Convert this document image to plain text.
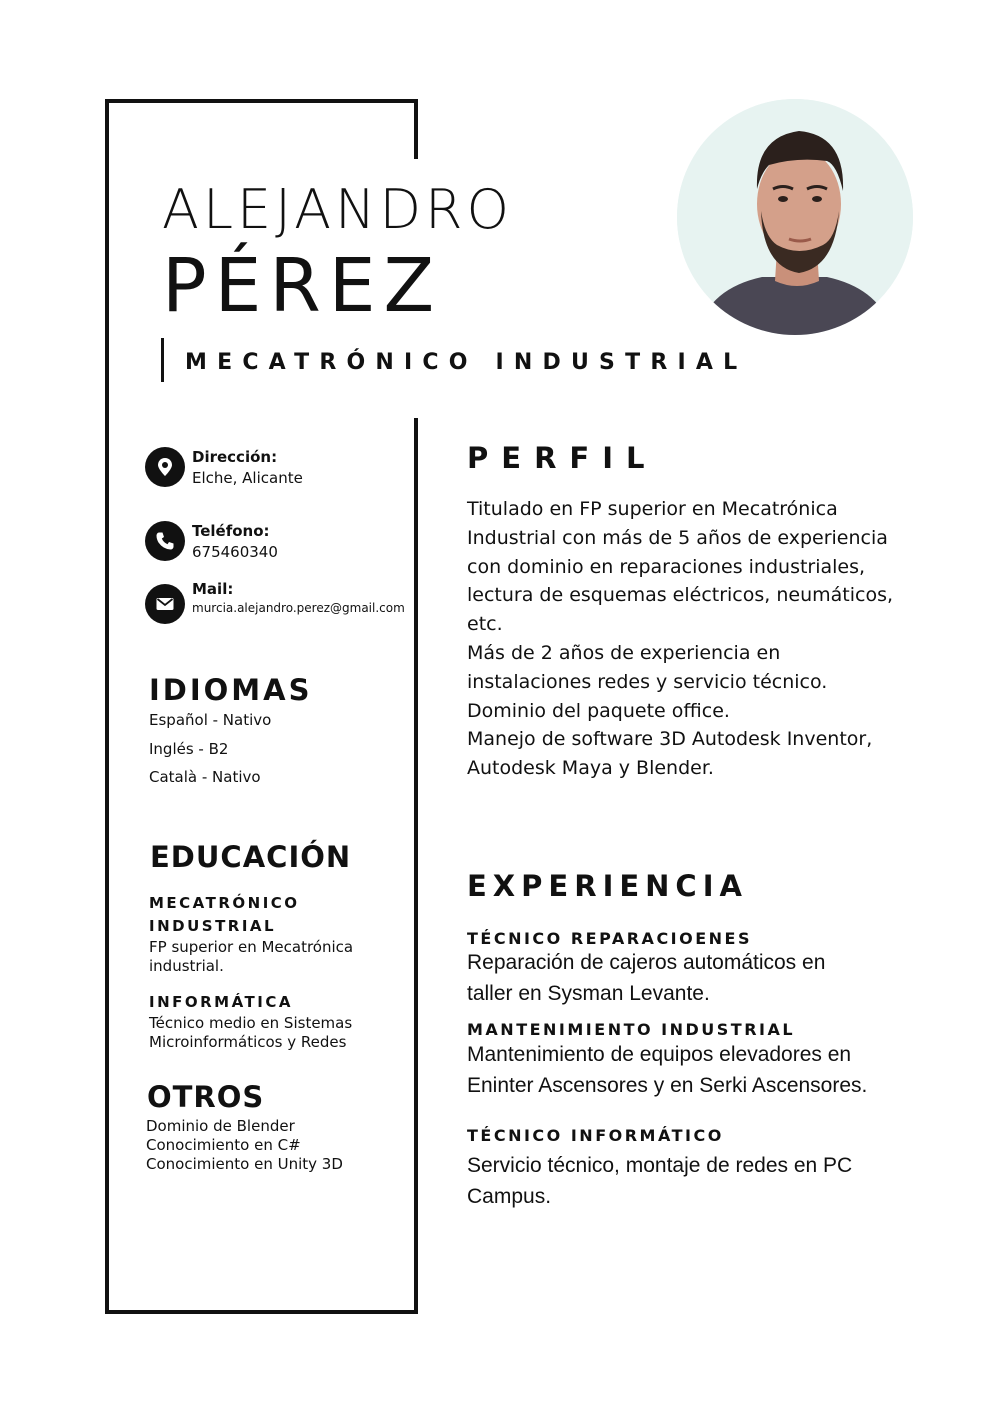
ALEJANDRO
PÉREZ
MECATRÓNICO INDUSTRIAL
Dirección:
Elche, Alicante
Teléfono:
675460340
Mail:
murcia.alejandro.perez@gmail.com
IDIOMAS
Español - Nativo
Inglés - B2
Català - Nativo
EDUCACIÓN
MECATRÓNICO
INDUSTRIAL
FP superior en Mecatrónica
industrial.
INFORMÁTICA
Técnico medio en Sistemas
Microinformáticos y Redes
OTROS
Dominio de Blender
Conocimiento en C#
Conocimiento en Unity 3D
PERFIL
Titulado en FP superior en Mecatrónica
Industrial con más de 5 años de experiencia
con dominio en reparaciones industriales,
lectura de esquemas eléctricos, neumáticos,
etc.
Más de 2 años de experiencia en
instalaciones redes y servicio técnico.
Dominio del paquete office.
Manejo de software 3D Autodesk Inventor,
Autodesk Maya y Blender.
EXPERIENCIA
TÉCNICO REPARACIOENES
Reparación de cajeros automáticos en
taller en Sysman Levante.
MANTENIMIENTO INDUSTRIAL
Mantenimiento de equipos elevadores en
Eninter Ascensores y en Serki Ascensores.
TÉCNICO INFORMÁTICO
Servicio técnico, montaje de redes en PC
Campus.
